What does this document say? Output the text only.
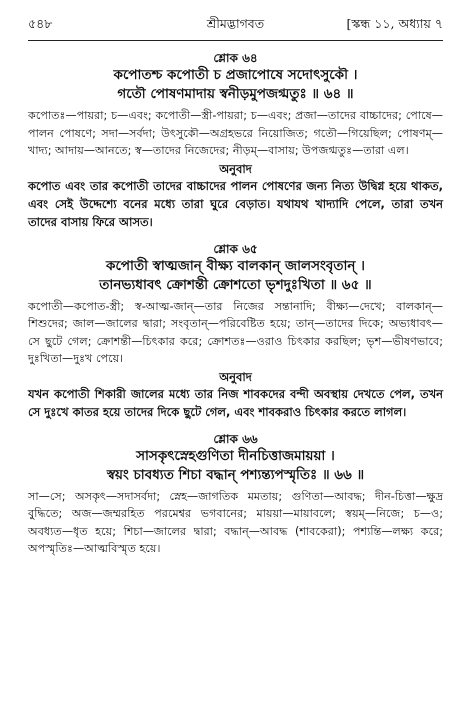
৫৪৮	শ্রীমদ্ভাগবত	[স্কন্ধ ১১, অধ্যায় ৭
শ্লোক ৬৪
কপোতশ্চ কপোতী চ প্রজাপোষে সদোৎসুকৌ ।
গতৌ পোষণমাদায় স্বনীড়মুপজগ্মতুঃ ॥ ৬৪ ॥
কপোতঃ—পায়রা; চ—এবং; কপোতী—স্ত্রী-পায়রা; চ—এবং; প্রজা—তাদের বাচ্চাদের; পোষে—পালন পোষণে; সদা—সর্বদা; উৎসুকৌ—অগ্রহভরে নিয়োজিত; গতৌ—গিয়েছিল; পোষণম্—খাদ্য; আদায়—আনতে; স্ব—তাদের নিজেদের; নীড়ম্—বাসায়; উপজগ্মতুঃ—তারা এল।
অনুবাদ
কপোত এবং তার কপোতী তাদের বাচ্চাদের পালন পোষণের জন্য নিত্য উদ্বিগ্ন হয়ে থাকত, এবং সেই উদ্দেশ্যে বনের মধ্যে তারা ঘুরে বেড়াত। যথাযথ খাদ্যাদি পেলে, তারা তখন তাদের বাসায় ফিরে আসত।
শ্লোক ৬৫
কপোতী স্বাত্মজান্ বীক্ষ্য বালকান্ জালসংবৃতান্ ।
তানভ্যধাবৎ ক্রোশন্তী ক্রোশতো ভৃশদুঃখিতা ॥ ৬৫ ॥
কপোতী—কপোত-স্ত্রী; স্ব-আত্ম-জান্—তার নিজের সন্তানাদি; বীক্ষ্য—দেখে; বালকান্—শিশুদের; জাল—জালের দ্বারা; সংবৃতান্—পরিবেষ্টিত হয়ে; তান্—তাদের দিকে; অভ্যধাবৎ—সে ছুটে গেল; ক্রোশন্তী—চিৎকার করে; ক্রোশতঃ—ওরাও চিৎকার করছিল; ভৃশ—ভীষণভাবে; দুঃখিতা—দুঃখ পেয়ে।
অনুবাদ
যখন কপোতী শিকারী জালের মধ্যে তার নিজ শাবকদের বন্দী অবস্থায় দেখতে পেল, তখন সে দুঃখে কাতর হয়ে তাদের দিকে ছুটে গেল, এবং শাবকরাও চিৎকার করতে লাগল।
শ্লোক ৬৬
সাসকৃৎস্নেহগুণিতা দীনচিত্তাজমায়য়া ।
স্বয়ং চাবধ্যত শিচা বদ্ধান্ পশ্যন্ত্যপস্মৃতিঃ ॥ ৬৬ ॥
সা—সে; অসকৃৎ—সদাসর্বদা; স্নেহ—জাগতিক মমতায়; গুণিতা—আবদ্ধ; দীন-চিত্তা—ক্ষুদ্র বুদ্ধিতে; অজ—জম্মরহিত পরমেশ্বর ভগবানের; মায়য়া—মায়াবলে; স্বয়ম্—নিজে; চ—ও; অবধ্যত—ধৃত হয়ে; শিচা—জালের দ্বারা; বদ্ধান্—আবদ্ধ (শাবকেরা); পশ্যন্তি—লক্ষ্য করে; অপস্মৃতিঃ—আত্মবিস্মৃত হয়ে।
